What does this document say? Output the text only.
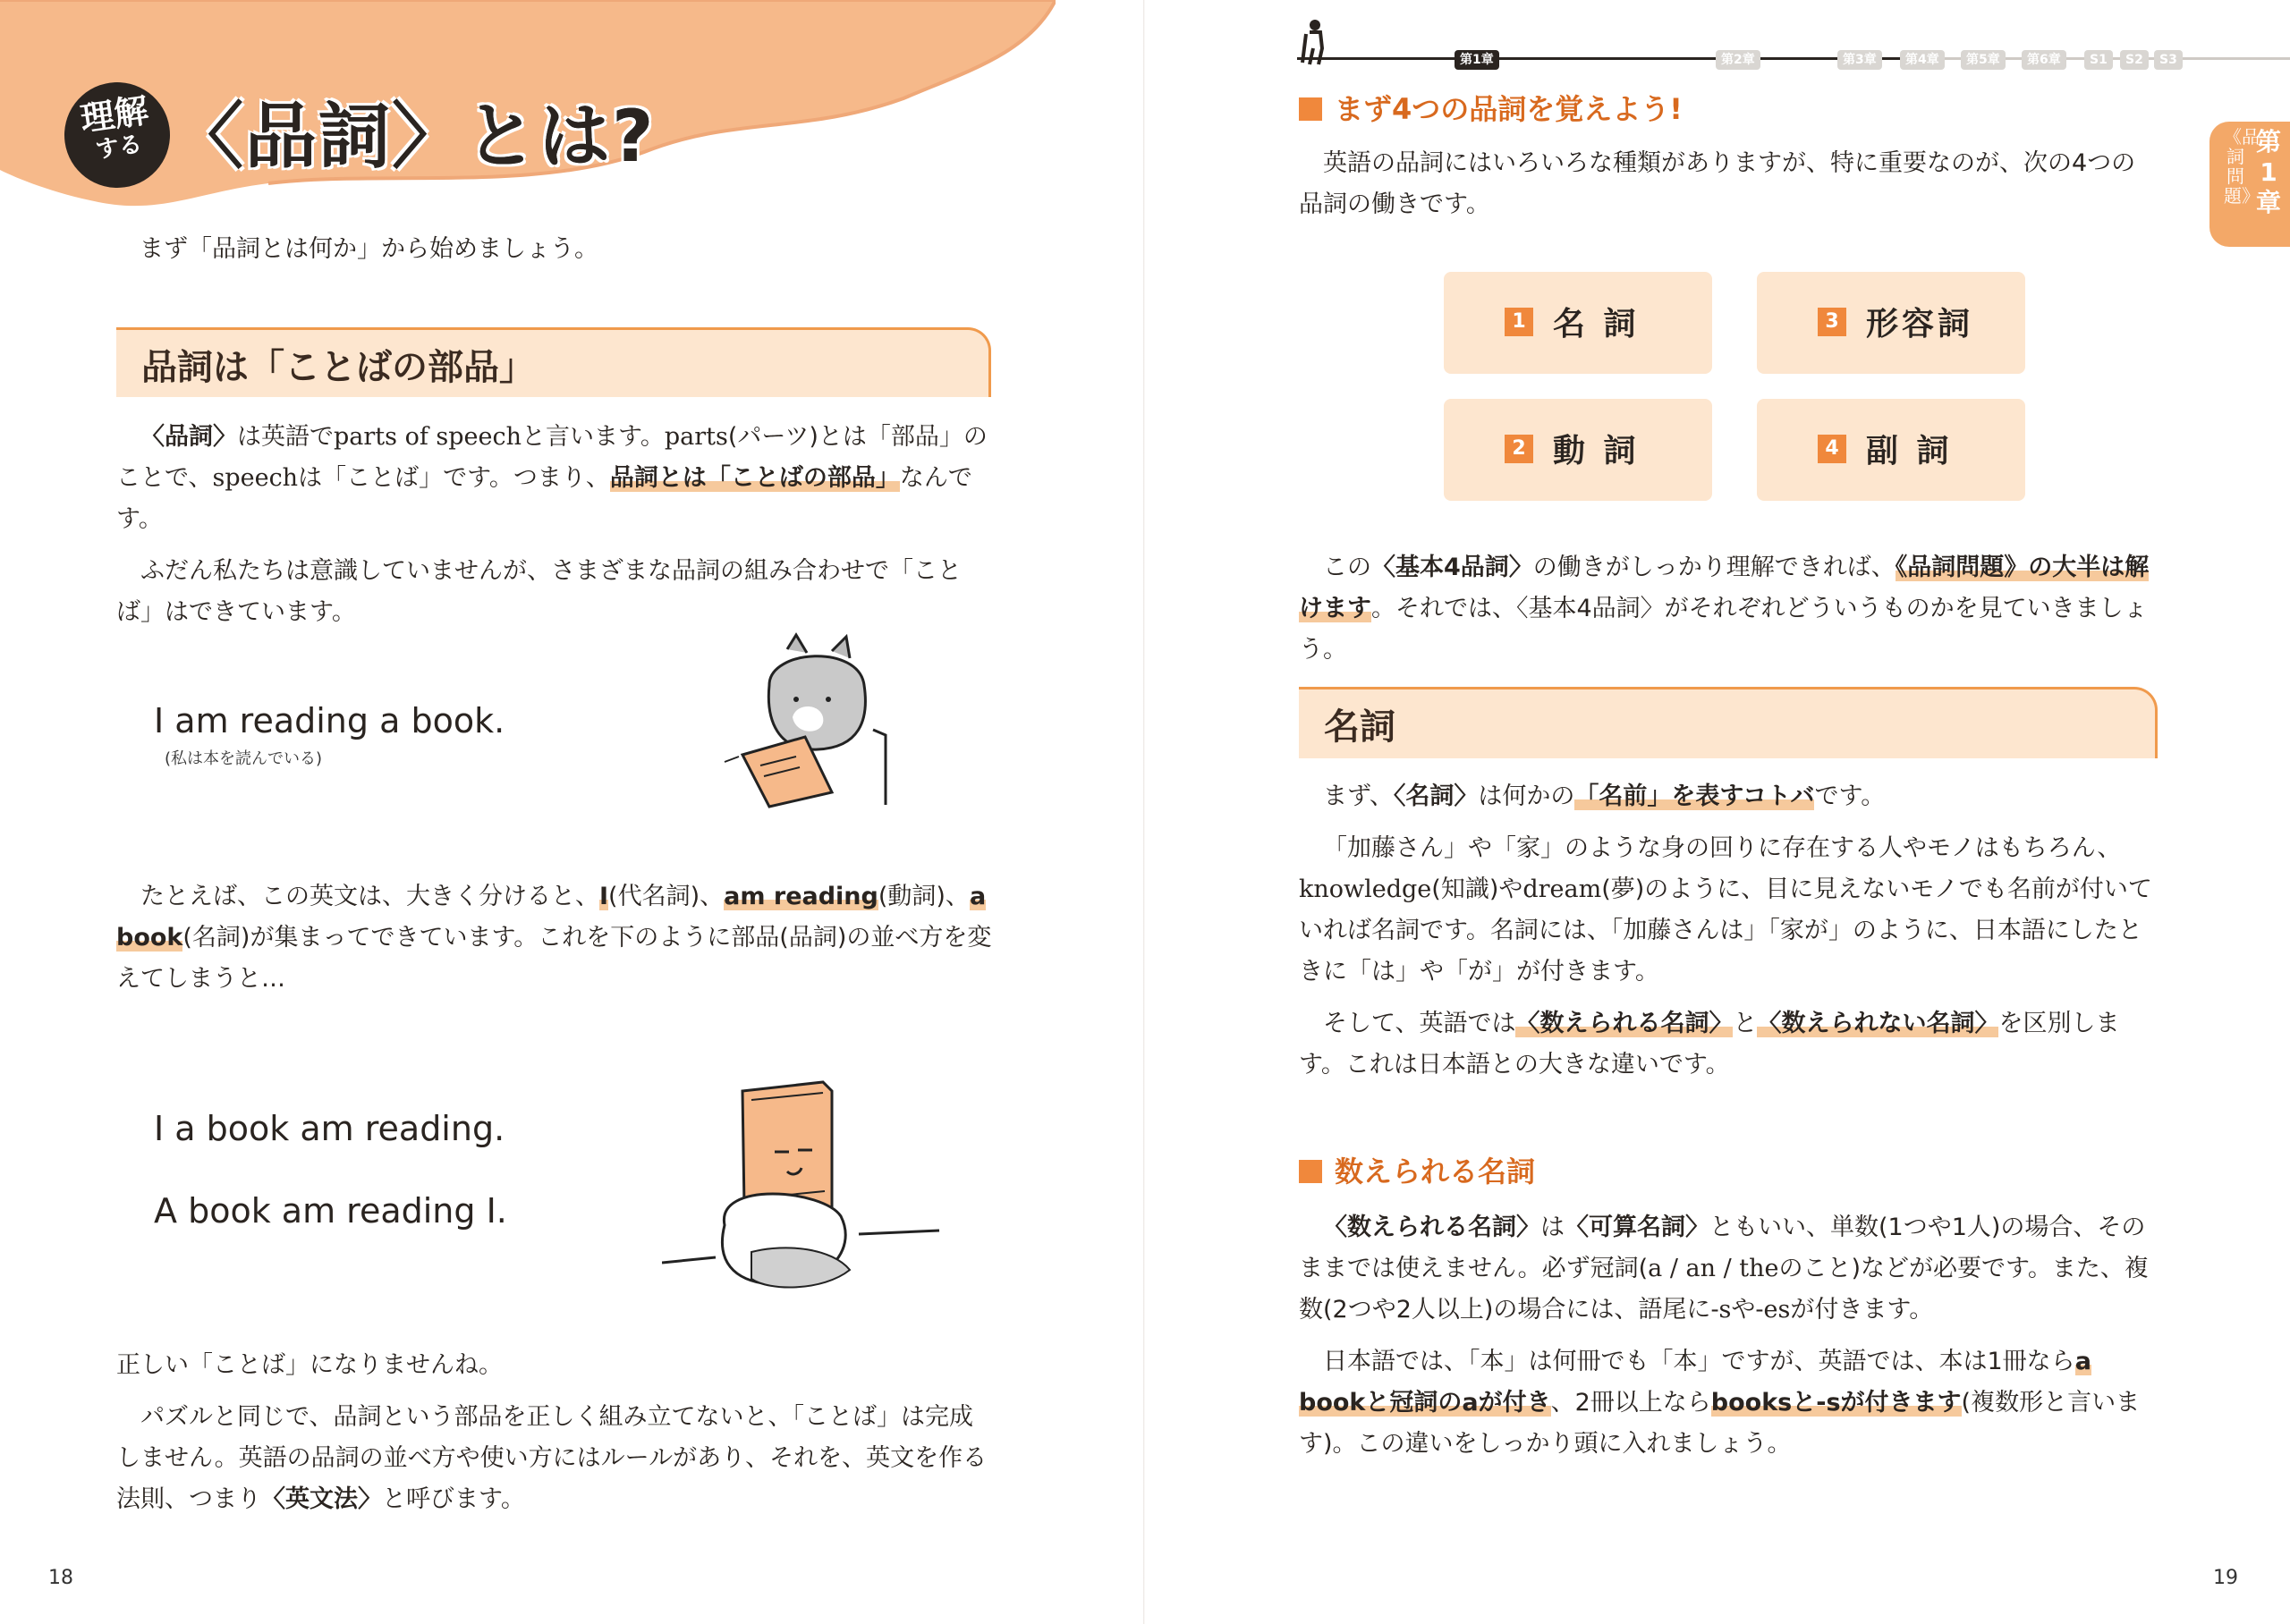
理解
する 〈品詞〉とは?
まず「品詞とは何か」から始めましょう。
品詞は「ことばの部品」

〈品詞〉は英語でparts of speechと言います。parts(パーツ)とは「部品」のことで、speechは「ことば」です。つまり、品詞とは「ことばの部品」なんです。

ふだん私たちは意識していませんが、さまざまな品詞の組み合わせで「ことば」はできています。

I am reading a book.
(私は本を読んでいる)

たとえば、この英文は、大きく分けると、I(代名詞)、am reading(動詞)、a book(名詞)が集まってできています。これを下のように部品(品詞)の並べ方を変えてしまうと…

I a book am reading.
A book am reading I.

正しい「ことば」になりませんね。

パズルと同じで、品詞という部品を正しく組み立てないと、「ことば」は完成しません。英語の品詞の並べ方や使い方にはルールがあり、それを、英文を作る法則、つまり〈英文法〉と呼びます。

18
第1章	第2章	第3章	第4章	第5章	第6章	S1	S2	S3
第1章
《品詞問題》
まず4つの品詞を覚えよう!

英語の品詞にはいろいろな種類がありますが、特に重要なのが、次の4つの品詞の働きです。

1 名 詞	3 形容詞
2 動 詞	4 副 詞

この〈基本4品詞〉の働きがしっかり理解できれば、《品詞問題》の大半は解けます。それでは、〈基本4品詞〉がそれぞれどういうものかを見ていきましょう。

名詞

まず、〈名詞〉は何かの「名前」を表すコトバです。

「加藤さん」や「家」のような身の回りに存在する人やモノはもちろん、knowledge(知識)やdream(夢)のように、目に見えないモノでも名前が付いていれば名詞です。名詞には、「加藤さんは」「家が」のように、日本語にしたときに「は」や「が」が付きます。

そして、英語では〈数えられる名詞〉と〈数えられない名詞〉を区別します。これは日本語との大きな違いです。

数えられる名詞

〈数えられる名詞〉は〈可算名詞〉ともいい、単数(1つや1人)の場合、そのままでは使えません。必ず冠詞(a / an / theのこと)などが必要です。また、複数(2つや2人以上)の場合には、語尾に-sや-esが付きます。

日本語では、「本」は何冊でも「本」ですが、英語では、本は1冊ならa bookと冠詞のaが付き、2冊以上ならbooksと-sが付きます(複数形と言います)。この違いをしっかり頭に入れましょう。

19
